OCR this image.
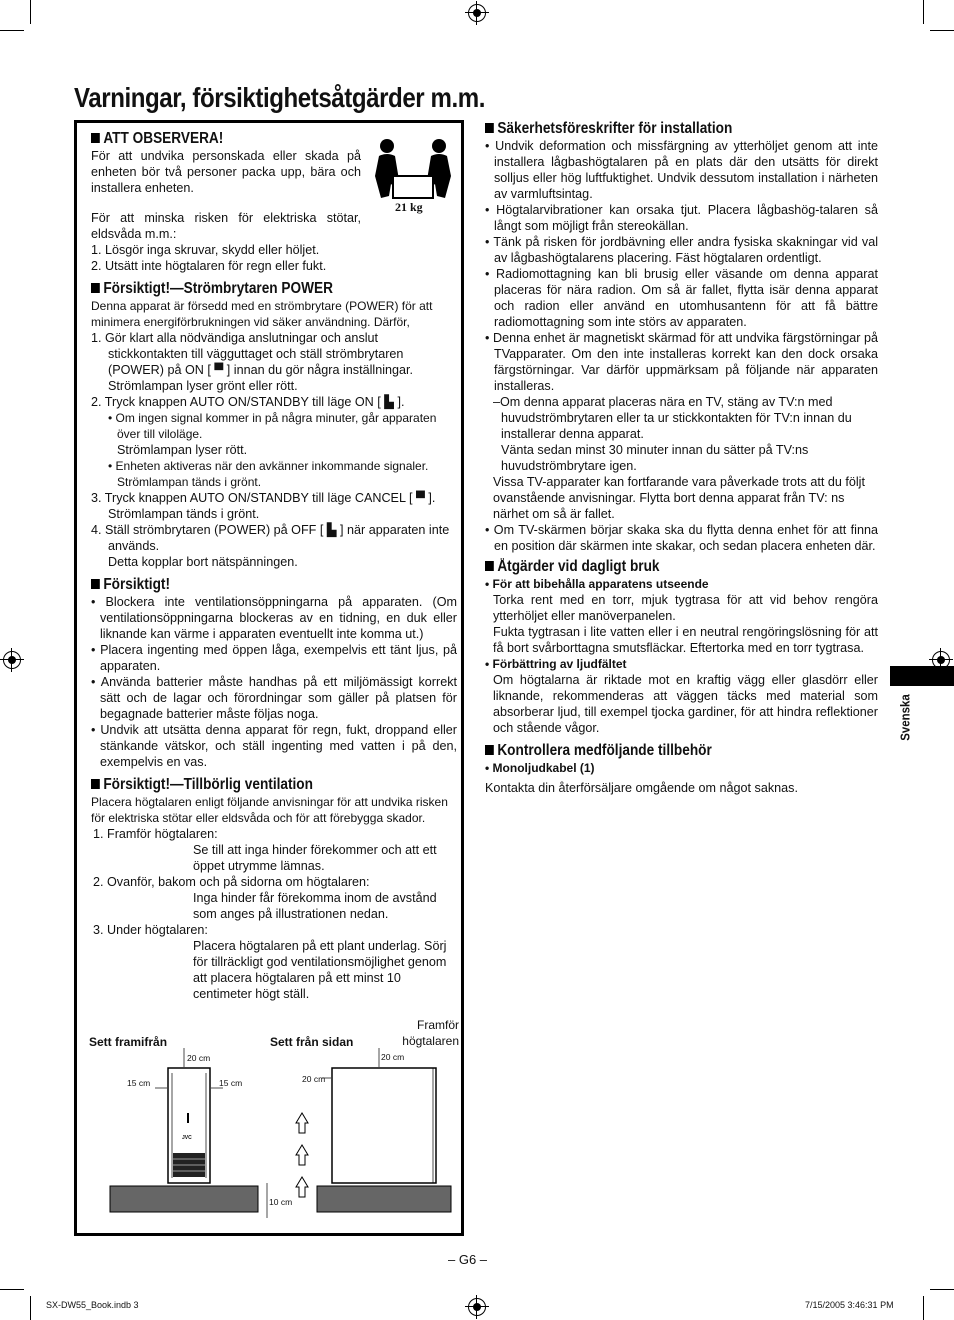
Varningar, försiktighetsåtgärder m.m.
ATT OBSERVERA!
För att undvika personskada eller skada på enheten bör två personer packa upp, bära och installera enheten.
21 kg
För att minska risken för elektriska stötar, eldsvåda m.m.:
1. Lösgör inga skruvar, skydd eller höljet.
2. Utsätt inte högtalaren för regn eller fukt.
Försiktigt!—Strömbrytaren POWER
Denna apparat är försedd med en strömbrytare (POWER) för att minimera energiförbrukningen vid säker användning. Därför,
1. Gör klart alla nödvändiga anslutningar och anslut stickkontakten till vägguttaget och ställ strömbrytaren (POWER) på ON [ ▀ ] innan du gör några inställningar. Strömlampan lyser grönt eller rött.
2. Tryck knappen AUTO ON/STANDBY till läge ON [ ▙ ].
• Om ingen signal kommer in på några minuter, går apparaten över till viloläge.
Strömlampan lyser rött.
• Enheten aktiveras när den avkänner inkommande signaler. Strömlampan tänds i grönt.
3. Tryck knappen AUTO ON/STANDBY till läge CANCEL [ ▀ ]. Strömlampan tänds i grönt.
4. Ställ strömbrytaren (POWER) på OFF [ ▙ ] när apparaten inte används.
Detta kopplar bort nätspänningen.
Försiktigt!
• Blockera inte ventilationsöppningarna på apparaten. (Om ventilationsöppningarna blockeras av en tidning, en duk eller liknande kan värme i apparaten eventuellt inte komma ut.)
• Placera ingenting med öppen låga, exempelvis ett tänt ljus, på apparaten.
• Använda batterier måste handhas på ett miljömässigt korrekt sätt och de lagar och förordningar som gäller på platsen för begagnade batterier måste följas noga.
• Undvik att utsätta denna apparat för regn, fukt, droppand eller stänkande vätskor, och ställ ingenting med vatten i på den, exempelvis en vas.
Försiktigt!—Tillbörlig ventilation
Placera högtalaren enligt följande anvisningar för att undvika risken för elektriska stötar eller eldsvåda och för att förebygga skador.
1. Framför högtalaren:
Se till att inga hinder förekommer och att ett öppet utrymme lämnas.
2. Ovanför, bakom och på sidorna om högtalaren:
Inga hinder får förekomma inom de avstånd som anges på illustrationen nedan.
3. Under högtalaren:
Placera högtalaren på ett plant underlag. Sörj för tillräckligt god ventilationsmöjlighet genom att placera högtalaren på ett minst 10 centimeter högt ställ.
Sett framifrån	Sett från sidan
Framför högtalaren
20 cm
15 cm	15 cm	20 cm
20 cm
10 cm
JVC
Säkerhetsföreskrifter för installation
• Undvik deformation och missfärgning av ytterhöljet genom att inte installera lågbashögtalaren på en plats där den utsätts för direkt solljus eller hög luftfuktighet. Undvik dessutom installation i närheten av varmluftsintag.
• Högtalarvibrationer kan orsaka tjut. Placera lågbashög-talaren så långt som möjligt från stereokällan.
• Tänk på risken för jordbävning eller andra fysiska skakningar vid val av lågbashögtalarens placering. Fäst högtalaren ordentligt.
• Radiomottagning kan bli brusig eller väsande om denna apparat placeras för nära radion. Om så är fallet, flytta isär denna apparat och radion eller använd en utomhusantenn för att få bättre radiomottagning som inte störs av apparaten.
• Denna enhet är magnetiskt skärmad för att undvika färgstörningar på TVapparater. Om den inte installeras korrekt kan den dock orsaka färgstörningar. Var därför uppmärksam på följande när apparaten installeras.
–Om denna apparat placeras nära en TV, stäng av TV:n med huvudströmbrytaren eller ta ur stickkontakten för TV:n innan du installerar denna apparat.
Vänta sedan minst 30 minuter innan du sätter på TV:ns huvudströmbrytare igen.
Vissa TV-apparater kan fortfarande vara påverkade trots att du följt ovanstående anvisningar. Flytta bort denna apparat från TV: ns närhet om så är fallet.
• Om TV-skärmen börjar skaka ska du flytta denna enhet för att finna en position där skärmen inte skakar, och sedan placera enheten där.
Åtgärder vid dagligt bruk
• För att bibehålla apparatens utseende
Torka rent med en torr, mjuk tygtrasa för att vid behov rengöra ytterhöljet eller manöverpanelen.
Fukta tygtrasan i lite vatten eller i en neutral rengöringslösning för att få bort svårborttagna smutsfläckar. Eftertorka med en torr tygtrasa.
• Förbättring av ljudfältet
Om högtalarna är riktade mot en kraftig vägg eller glasdörr eller liknande, rekommenderas att väggen täcks med material som absorberar ljud, till exempel tjocka gardiner, för att hindra reflektioner och stående vågor.
Kontrollera medföljande tillbehör
• Monoljudkabel (1)
Kontakta din återförsäljare omgående om något saknas.
Svenska
– G6 –
SX-DW55_Book.indb 3	7/15/2005 3:46:31 PM
